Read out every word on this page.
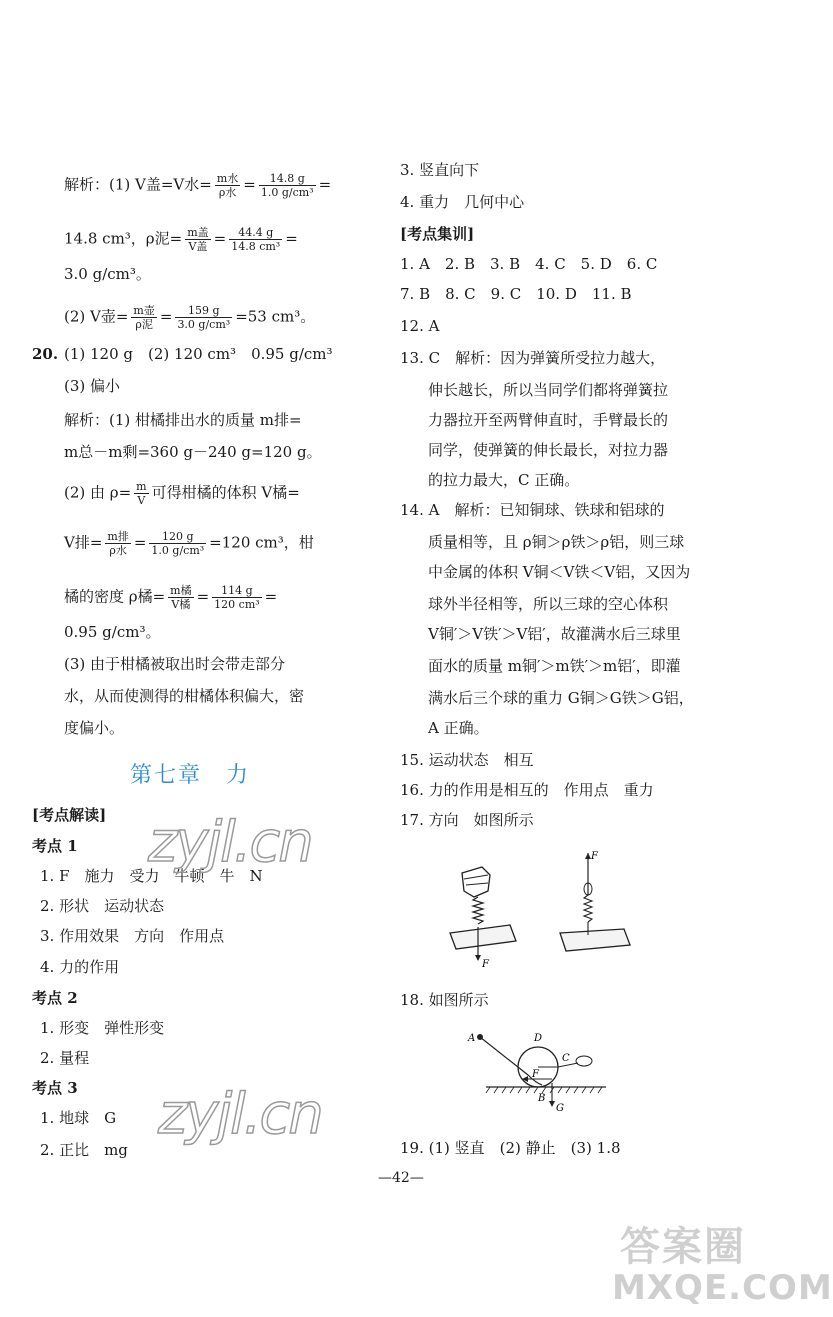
解析：(1) V盖=V水= $\frac{\text{m水}}{\text{ρ水}} = \frac{14.8 g}{\text{1.0 g/cm³}}$ =
14.8 cm³，ρ泥= $\frac{\text{m盖}}{\text{V盖}} = \frac{44.4 g}{\text{14.8 cm³}}$ =
3.0 g/cm³。
(2) V壶= $\frac{\text{m壶}}{\text{ρ泥}} = \frac{159 g}{\text{3.0 g/cm³}} =53$ cm³。
20. (1) 120 g　(2) 120 cm³　0.95 g/cm³
(3) 偏小
解析：(1) 柑橘排出水的质量 m排=
m总－m剩=360 g－240 g=120 g。
(2) 由 $\rho= \frac{m}{V}$ 可得柑橘的体积 V橘=
V排= $\frac{\text{m排}}{\text{ρ水}} = \frac{120 g}{\text{1.0 g/cm³}} =120$ cm³，柑
橘的密度 ρ橘= $\frac{\text{m橘}}{\text{V橘}} = \frac{114 g}{\text{120 cm³}}$ =
0.95 g/cm³。
(3) 由于柑橘被取出时会带走部分
水，从而使测得的柑橘体积偏大，密
度偏小。
第七章　力
[考点解读]
考点 1
1. F　施力　受力　牛顿　牛　N
2. 形状　运动状态
3. 作用效果　方向　作用点
4. 力的作用
考点 2
1. 形变　弹性形变
2. 量程
考点 3
1. 地球　G
2. 正比　mg
zyjl.cn
zyjl.cn
3. 竖直向下
4. 重力　几何中心
[考点集训]
1. A　2. B　3. B　4. C　5. D　6. C
7. B　8. C　9. C　10. D　11. B
12. A
13. C　解析：因为弹簧所受拉力越大，
伸长越长，所以当同学们都将弹簧拉
力器拉开至两臂伸直时，手臂最长的
同学，使弹簧的伸长最长，对拉力器
的拉力最大，C 正确。
14. A　解析：已知铜球、铁球和铝球的
质量相等，且 ρ铜＞ρ铁＞ρ铝，则三球
中金属的体积 V铜＜V铁＜V铝，又因为
球外半径相等，所以三球的空心体积
V铜′＞V铁′＞V铝′，故灌满水后三球里
面水的质量 m铜′＞m铁′＞m铝′，即灌
满水后三个球的重力 G铜＞G铁＞G铝，
A 正确。
15. 运动状态　相互
16. 力的作用是相互的　作用点　重力
17. 方向　如图所示
F
F
18. 如图所示
A	D
C
F
B
G
19. (1) 竖直　(2) 静止　(3) 1.8
—42—
答案圈
MXQE.COM
